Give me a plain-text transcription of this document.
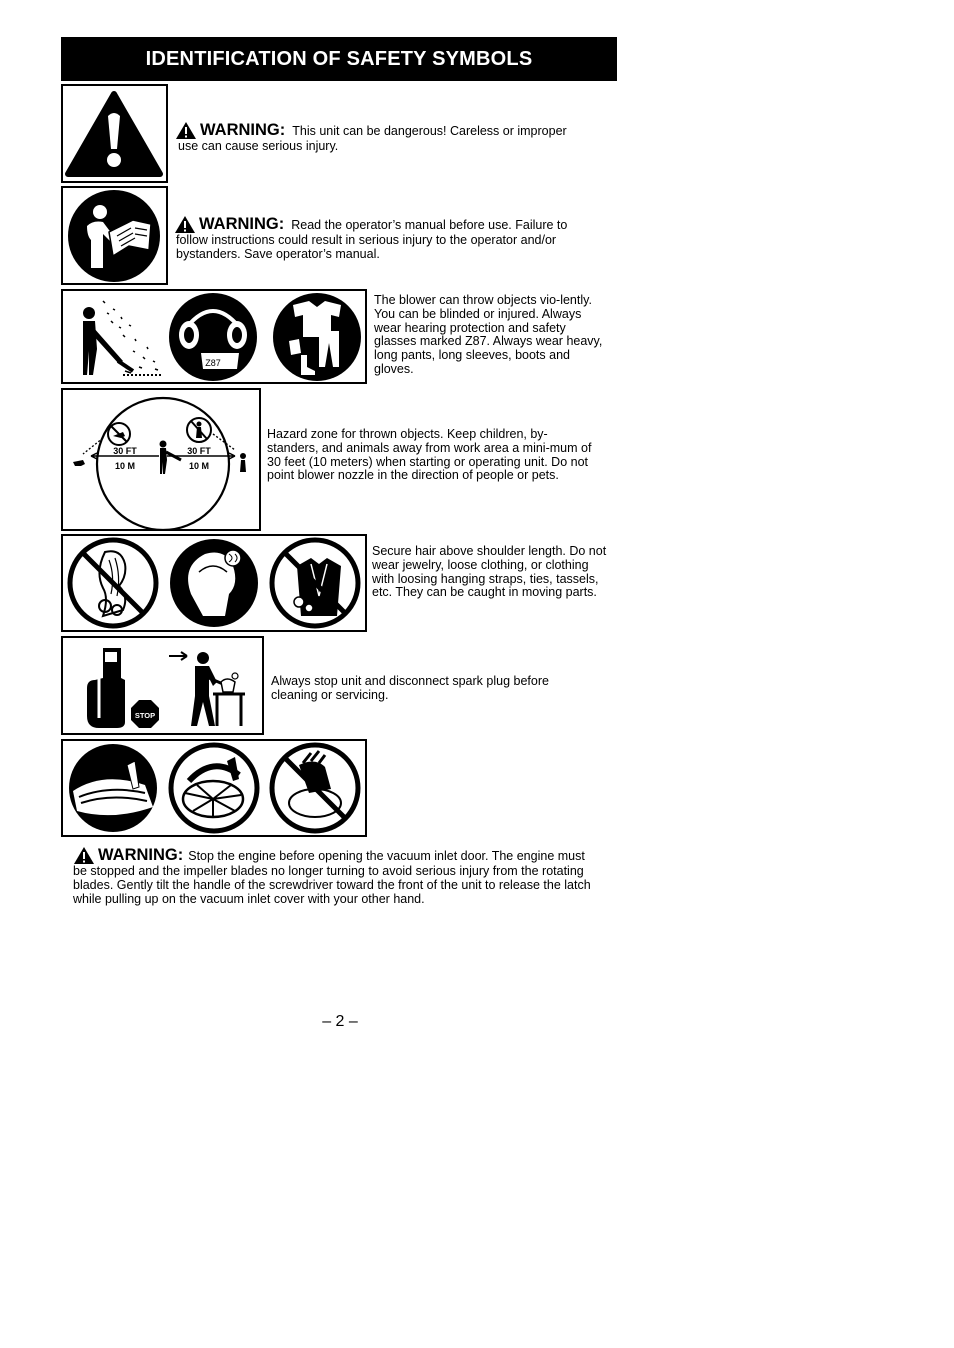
IDENTIFICATION OF SAFETY SYMBOLS
WARNING: This unit can be dangerous! Careless or improper
use can cause serious injury.
WARNING: Read the operator’s manual before use. Failure to
follow instructions could result in serious injury to the operator and/or bystanders. Save operator’s manual.
Z87
The blower can throw objects vio-lently. You can be blinded or injured. Always wear hearing protection and safety glasses marked Z87. Always wear heavy, long pants, long sleeves, boots and gloves.
30 FT
10 M
30 FT
10 M
Hazard zone for thrown objects. Keep children, by-standers, and animals away from work area a mini-mum of 30 feet (10 meters) when starting or operating unit. Do not point blower nozzle in the direction of people or pets.
Secure hair above shoulder length. Do not wear jewelry, loose clothing, or clothing with loosing hanging straps, ties, tassels, etc. They can be caught in moving parts.
STOP
Always stop unit and disconnect spark plug before cleaning or servicing.
WARNING: Stop the engine before opening the vacuum inlet door. The engine must
be stopped and the impeller blades no longer turning to avoid serious injury from the rotating blades. Gently tilt the handle of the screwdriver toward the front of the unit to release the latch while pulling up on the vacuum inlet cover with your other hand.
– 2 –
